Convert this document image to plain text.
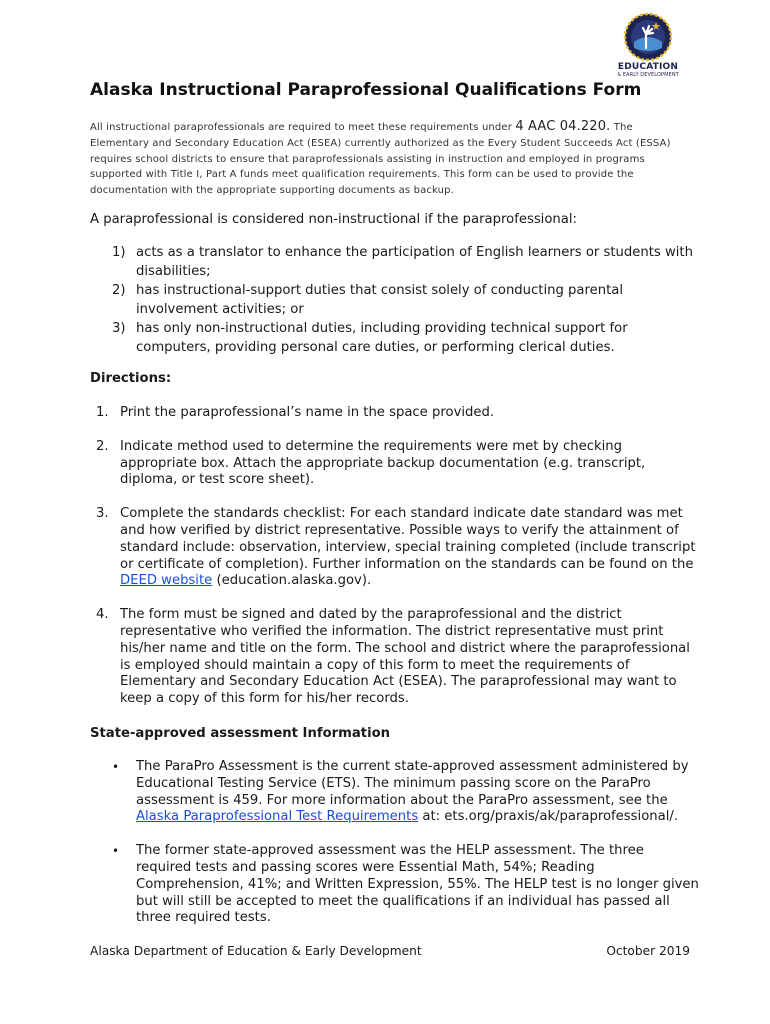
EDUCATION
& EARLY DEVELOPMENT
Alaska Instructional Paraprofessional Qualifications Form
All instructional paraprofessionals are required to meet these requirements under 4 AAC 04.220. The Elementary and Secondary Education Act (ESEA) currently authorized as the Every Student Succeeds Act (ESSA) requires school districts to ensure that paraprofessionals assisting in instruction and employed in programs supported with Title I, Part A funds meet qualification requirements. This form can be used to provide the documentation with the appropriate supporting documents as backup.
A paraprofessional is considered non-instructional if the paraprofessional:
1) acts as a translator to enhance the participation of English learners or students with disabilities;
2) has instructional-support duties that consist solely of conducting parental involvement activities; or
3) has only non-instructional duties, including providing technical support for computers, providing personal care duties, or performing clerical duties.
Directions:
1. Print the paraprofessional’s name in the space provided.
2. Indicate method used to determine the requirements were met by checking appropriate box. Attach the appropriate backup documentation (e.g. transcript, diploma, or test score sheet).
3. Complete the standards checklist: For each standard indicate date standard was met and how verified by district representative. Possible ways to verify the attainment of standard include: observation, interview, special training completed (include transcript or certificate of completion). Further information on the standards can be found on the DEED website (education.alaska.gov).
4. The form must be signed and dated by the paraprofessional and the district representative who verified the information. The district representative must print his/her name and title on the form. The school and district where the paraprofessional is employed should maintain a copy of this form to meet the requirements of Elementary and Secondary Education Act (ESEA). The paraprofessional may want to keep a copy of this form for his/her records.
State-approved assessment Information
•	The ParaPro Assessment is the current state-approved assessment administered by Educational Testing Service (ETS). The minimum passing score on the ParaPro assessment is 459. For more information about the ParaPro assessment, see the Alaska Paraprofessional Test Requirements at: ets.org/praxis/ak/paraprofessional/.
•	The former state-approved assessment was the HELP assessment. The three required tests and passing scores were Essential Math, 54%; Reading Comprehension, 41%; and Written Expression, 55%. The HELP test is no longer given but will still be accepted to meet the qualifications if an individual has passed all three required tests.
Alaska Department of Education & Early Development	October 2019
